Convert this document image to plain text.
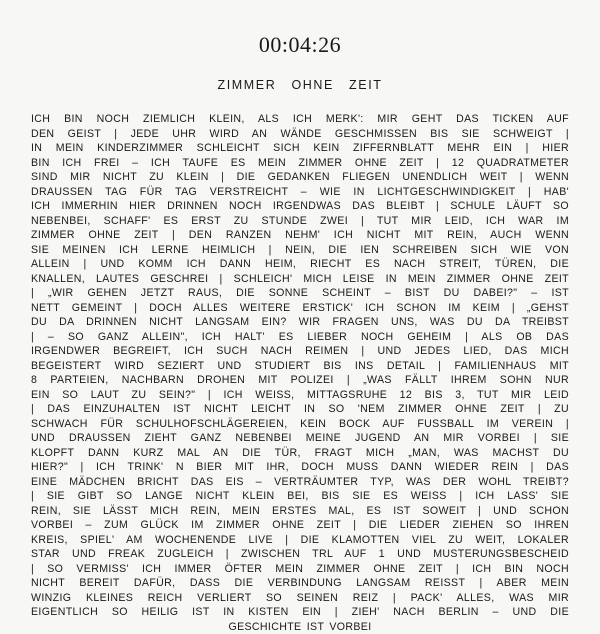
00:04:26
ZIMMER OHNE ZEIT
ICH BIN NOCH ZIEMLICH KLEIN, ALS ICH MERK': MIR GEHT DAS TICKEN AUF
DEN GEIST | JEDE UHR WIRD AN WÄNDE GESCHMISSEN BIS SIE SCHWEIGT |
IN MEIN KINDERZIMMER SCHLEICHT SICH KEIN ZIFFERNBLATT MEHR EIN | HIER
BIN ICH FREI – ICH TAUFE ES MEIN ZIMMER OHNE ZEIT | 12 QUADRATMETER
SIND MIR NICHT ZU KLEIN | DIE GEDANKEN FLIEGEN UNENDLICH WEIT | WENN
DRAUSSEN TAG FÜR TAG VERSTREICHT – WIE IN LICHTGESCHWINDIGKEIT | HAB'
ICH IMMERHIN HIER DRINNEN NOCH IRGENDWAS DAS BLEIBT | SCHULE LÄUFT SO
NEBENBEI, SCHAFF' ES ERST ZU STUNDE ZWEI | TUT MIR LEID, ICH WAR IM
ZIMMER OHNE ZEIT | DEN RANZEN NEHM' ICH NICHT MIT REIN, AUCH WENN
SIE MEINEN ICH LERNE HEIMLICH | NEIN, DIE IEN SCHREIBEN SICH WIE VON
ALLEIN | UND KOMM ICH DANN HEIM, RIECHT ES NACH STREIT, TÜREN, DIE
KNALLEN, LAUTES GESCHREI | SCHLEICH' MICH LEISE IN MEIN ZIMMER OHNE ZEIT
| „WIR GEHEN JETZT RAUS, DIE SONNE SCHEINT – BIST DU DABEI?" – IST
NETT GEMEINT | DOCH ALLES WEITERE ERSTICK' ICH SCHON IM KEIM | „GEHST
DU DA DRINNEN NICHT LANGSAM EIN? WIR FRAGEN UNS, WAS DU DA TREIBST
| – SO GANZ ALLEIN", ICH HALT' ES LIEBER NOCH GEHEIM | ALS OB DAS
IRGENDWER BEGREIFT, ICH SUCH NACH REIMEN | UND JEDES LIED, DAS MICH
BEGEISTERT WIRD SEZIERT UND STUDIERT BIS INS DETAIL | FAMILIENHAUS MIT
8 PARTEIEN, NACHBARN DROHEN MIT POLIZEI | „WAS FÄLLT IHREM SOHN NUR
EIN SO LAUT ZU SEIN?" | ICH WEISS, MITTAGSRUHE 12 BIS 3, TUT MIR LEID
| DAS EINZUHALTEN IST NICHT LEICHT IN SO 'NEM ZIMMER OHNE ZEIT | ZU
SCHWACH FÜR SCHULHOFSCHLÄGEREIEN, KEIN BOCK AUF FUSSBALL IM VEREIN |
UND DRAUSSEN ZIEHT GANZ NEBENBEI MEINE JUGEND AN MIR VORBEI | SIE
KLOPFT DANN KURZ MAL AN DIE TÜR, FRAGT MICH „MAN, WAS MACHST DU
HIER?" | ICH TRINK' N BIER MIT IHR, DOCH MUSS DANN WIEDER REIN | DAS
EINE MÄDCHEN BRICHT DAS EIS – VERTRÄUMTER TYP, WAS DER WOHL TREIBT?
| SIE GIBT SO LANGE NICHT KLEIN BEI, BIS SIE ES WEISS | ICH LASS' SIE
REIN, SIE LÄSST MICH REIN, MEIN ERSTES MAL, ES IST SOWEIT | UND SCHON
VORBEI – ZUM GLÜCK IM ZIMMER OHNE ZEIT | DIE LIEDER ZIEHEN SO IHREN
KREIS, SPIEL' AM WOCHENENDE LIVE | DIE KLAMOTTEN VIEL ZU WEIT, LOKALER
STAR UND FREAK ZUGLEICH | ZWISCHEN TRL AUF 1 UND MUSTERUNGSBESCHEID
| SO VERMISS' ICH IMMER ÖFTER MEIN ZIMMER OHNE ZEIT | ICH BIN NOCH
NICHT BEREIT DAFÜR, DASS DIE VERBINDUNG LANGSAM REISST | ABER MEIN
WINZIG KLEINES REICH VERLIERT SO SEINEN REIZ | PACK' ALLES, WAS MIR
EIGENTLICH SO HEILIG IST IN KISTEN EIN | ZIEH' NACH BERLIN – UND DIE
GESCHICHTE IST VORBEI
